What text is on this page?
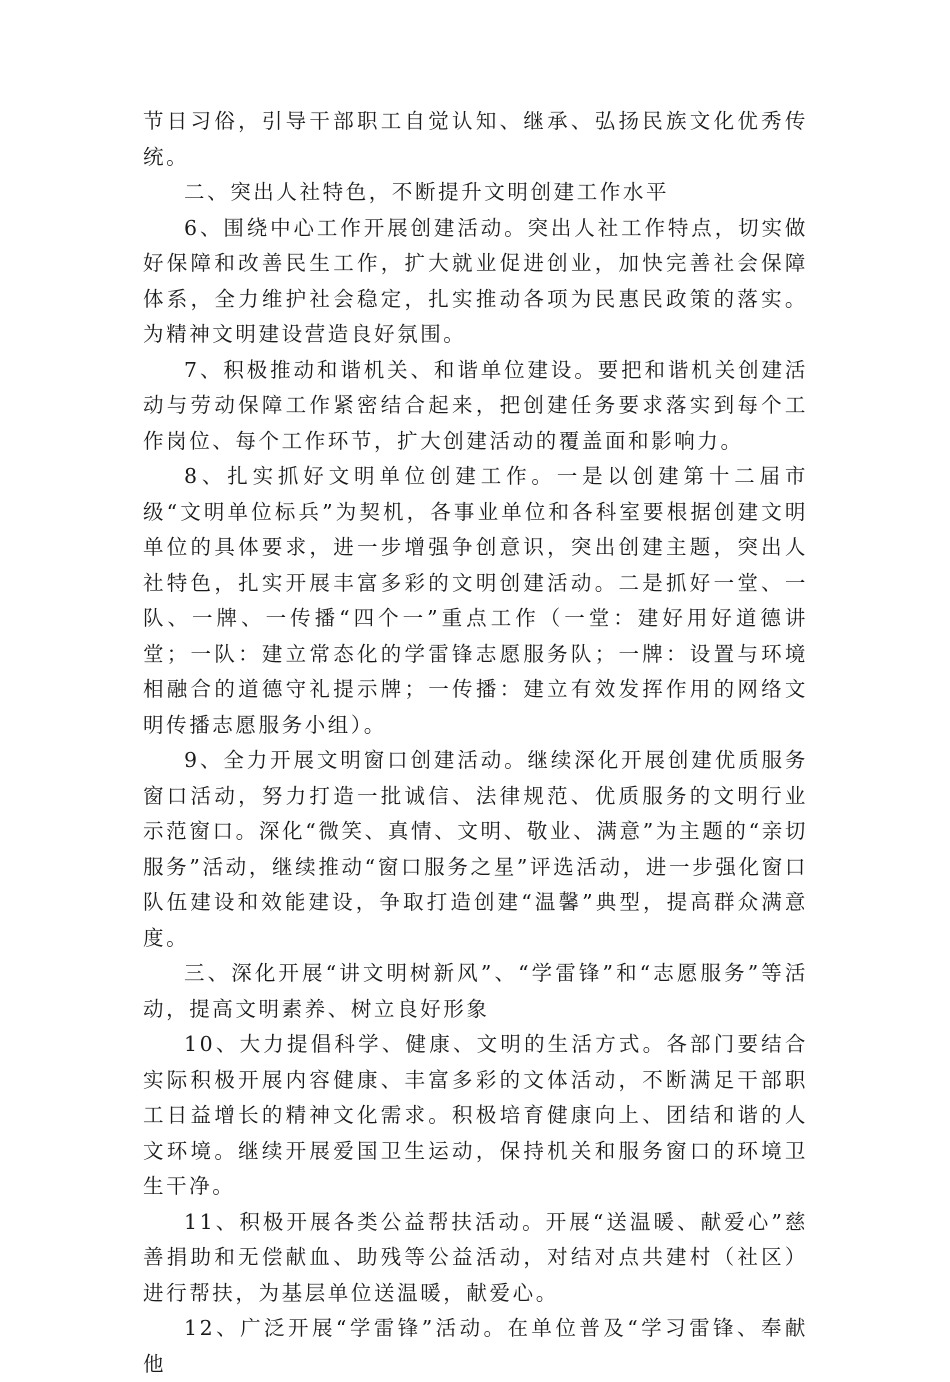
节日习俗，引导干部职工自觉认知、继承、弘扬民族文化优秀传统。

二、突出人社特色，不断提升文明创建工作水平

6、围绕中心工作开展创建活动。突出人社工作特点，切实做好保障和改善民生工作，扩大就业促进创业，加快完善社会保障体系，全力维护社会稳定，扎实推动各项为民惠民政策的落实。为精神文明建设营造良好氛围。

7、积极推动和谐机关、和谐单位建设。要把和谐机关创建活动与劳动保障工作紧密结合起来，把创建任务要求落实到每个工作岗位、每个工作环节，扩大创建活动的覆盖面和影响力。

8、扎实抓好文明单位创建工作。一是以创建第十二届市级“文明单位标兵”为契机，各事业单位和各科室要根据创建文明单位的具体要求，进一步增强争创意识，突出创建主题，突出人社特色，扎实开展丰富多彩的文明创建活动。二是抓好一堂、一队、一牌、一传播“四个一”重点工作（一堂：建好用好道德讲堂；一队：建立常态化的学雷锋志愿服务队；一牌：设置与环境相融合的道德守礼提示牌；一传播：建立有效发挥作用的网络文明传播志愿服务小组）。

9、全力开展文明窗口创建活动。继续深化开展创建优质服务窗口活动，努力打造一批诚信、法律规范、优质服务的文明行业示范窗口。深化“微笑、真情、文明、敬业、满意”为主题的“亲切服务”活动，继续推动“窗口服务之星”评选活动，进一步强化窗口队伍建设和效能建设，争取打造创建“温馨”典型，提高群众满意度。

三、深化开展“讲文明树新风”、“学雷锋”和“志愿服务”等活动，提高文明素养、树立良好形象

10、大力提倡科学、健康、文明的生活方式。各部门要结合实际积极开展内容健康、丰富多彩的文体活动，不断满足干部职工日益增长的精神文化需求。积极培育健康向上、团结和谐的人文环境。继续开展爱国卫生运动，保持机关和服务窗口的环境卫生干净。

11、积极开展各类公益帮扶活动。开展“送温暖、献爱心”慈善捐助和无偿献血、助残等公益活动，对结对点共建村（社区）进行帮扶，为基层单位送温暖，献爱心。

12、广泛开展“学雷锋”活动。在单位普及“学习雷锋、奉献他
